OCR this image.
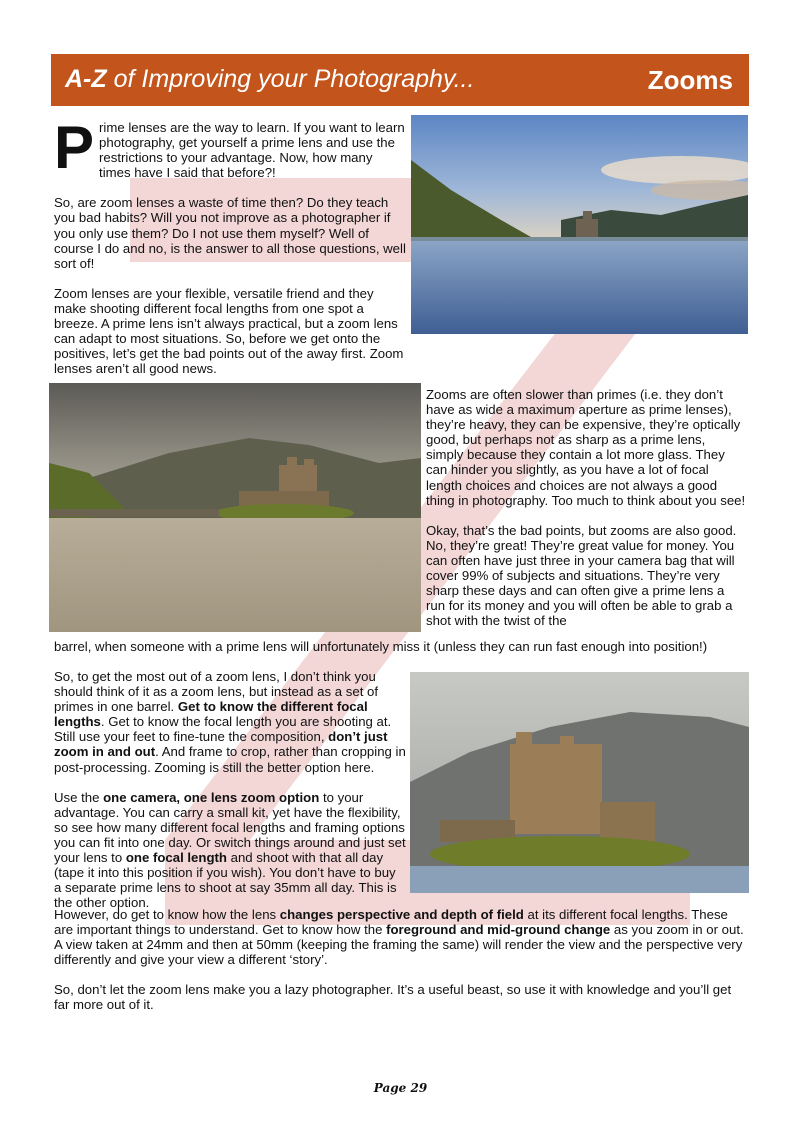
A-Z of Improving your Photography...	Zooms

Prime lenses are the way to learn. If you want to learn photography, get yourself a prime lens and use the restrictions to your advantage. Now, how many times have I said that before?!

So, are zoom lenses a waste of time then? Do they teach you bad habits? Will you not improve as a photographer if you only use them? Do I not use them myself? Well of course I do and no, is the answer to all those questions, well sort of!

Zoom lenses are your flexible, versatile friend and they make shooting different focal lengths from one spot a breeze. A prime lens isn’t always practical, but a zoom lens can adapt to most situations. So, before we get onto the positives, let’s get the bad points out of the away first. Zoom lenses aren’t all good news.

Zooms are often slower than primes (i.e. they don’t have as wide a maximum aperture as prime lenses), they’re heavy, they can be expensive, they’re optically good, but perhaps not as sharp as a prime lens, simply because they contain a lot more glass. They can hinder you slightly, as you have a lot of focal length choices and choices are not always a good thing in photography. Too much to think about you see!

Okay, that’s the bad points, but zooms are also good. No, they’re great! They’re great value for money. You can often have just three in your camera bag that will cover 99% of subjects and situations. They’re very sharp these days and can often give a prime lens a run for its money and you will often be able to grab a shot with the twist of the

barrel, when someone with a prime lens will unfortunately miss it (unless they can run fast enough into position!)

So, to get the most out of a zoom lens, I don’t think you should think of it as a zoom lens, but instead as a set of primes in one barrel. Get to know the different focal lengths. Get to know the focal length you are shooting at. Still use your feet to fine-tune the composition, don’t just zoom in and out. And frame to crop, rather than cropping in post-processing. Zooming is still the better option here.

Use the one camera, one lens zoom option to your advantage. You can carry a small kit, yet have the flexibility, so see how many different focal lengths and framing options you can fit into one day. Or switch things around and just set your lens to one focal length and shoot with that all day (tape it into this position if you wish). You don’t have to buy a separate prime lens to shoot at say 35mm all day. This is the other option.

However, do get to know how the lens changes perspective and depth of field at its different focal lengths. These are important things to understand. Get to know how the foreground and mid-ground change as you zoom in or out. A view taken at 24mm and then at 50mm (keeping the framing the same) will render the view and the perspective very differently and give your view a different ‘story’.

So, don’t let the zoom lens make you a lazy photographer. It’s a useful beast, so use it with knowledge and you’ll get far more out of it.

Page 29
